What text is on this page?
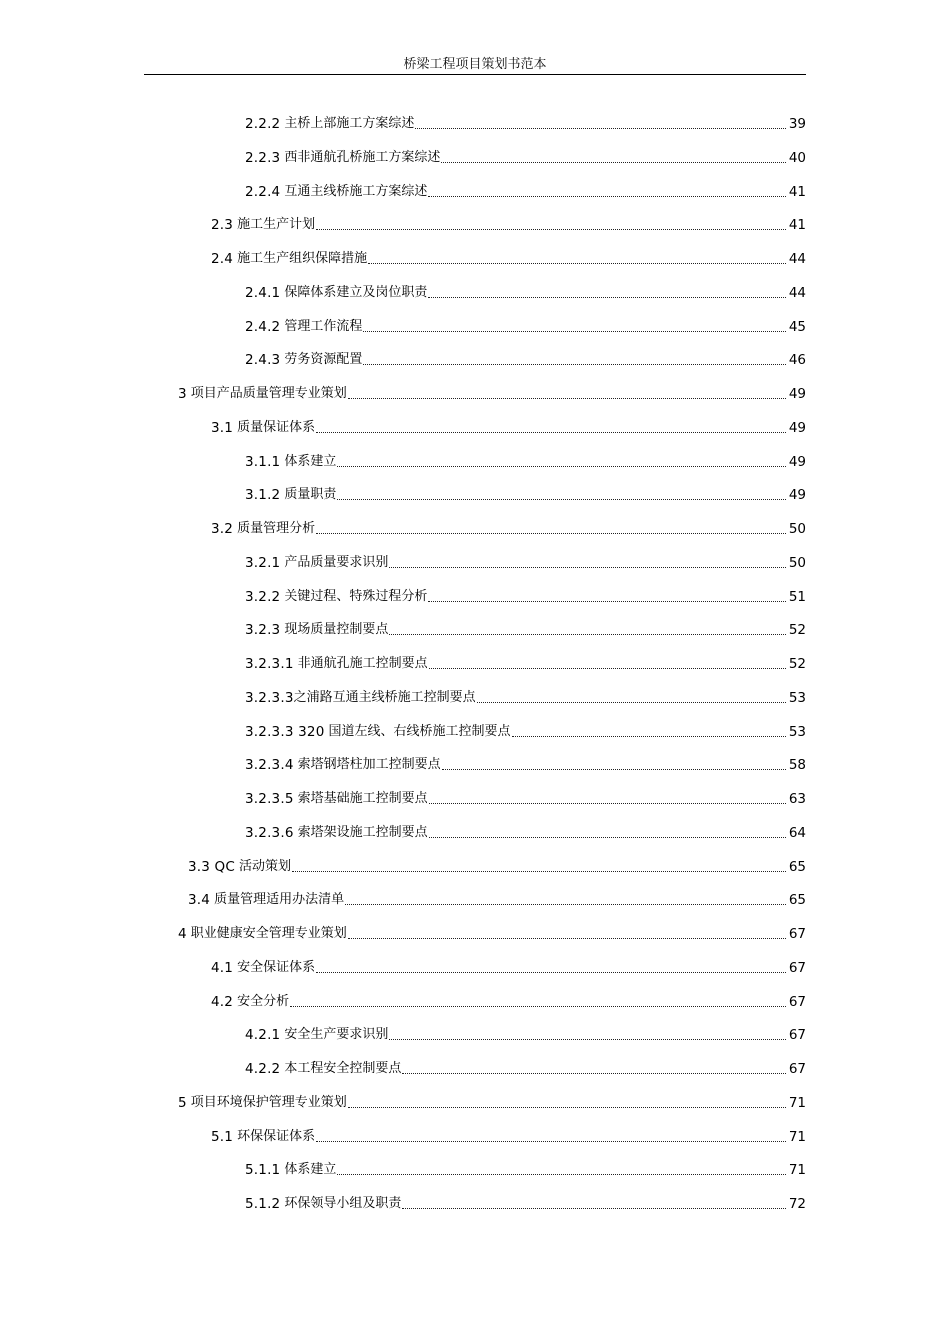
桥梁工程项目策划书范本
2.2.2 主桥上部施工方案综述	39
2.2.3 西非通航孔桥施工方案综述	40
2.2.4 互通主线桥施工方案综述	41
2.3 施工生产计划	41
2.4 施工生产组织保障措施	44
2.4.1 保障体系建立及岗位职责	44
2.4.2 管理工作流程	45
2.4.3 劳务资源配置	46
3 项目产品质量管理专业策划	49
3.1 质量保证体系	49
3.1.1 体系建立	49
3.1.2 质量职责	49
3.2 质量管理分析	50
3.2.1 产品质量要求识别	50
3.2.2 关键过程、特殊过程分析	51
3.2.3 现场质量控制要点	52
3.2.3.1 非通航孔施工控制要点	52
3.2.3.3 之浦路互通主线桥施工控制要点	53
3.2.3.3 320 国道左线、右线桥施工控制要点	53
3.2.3.4 索塔钢塔柱加工控制要点	58
3.2.3.5 索塔基础施工控制要点	63
3.2.3.6 索塔架设施工控制要点	64
3.3 QC 活动策划	65
3.4 质量管理适用办法清单	65
4 职业健康安全管理专业策划	67
4.1 安全保证体系	67
4.2 安全分析	67
4.2.1 安全生产要求识别	67
4.2.2 本工程安全控制要点	67
5 项目环境保护管理专业策划	71
5.1 环保保证体系	71
5.1.1 体系建立	71
5.1.2 环保领导小组及职责	72
